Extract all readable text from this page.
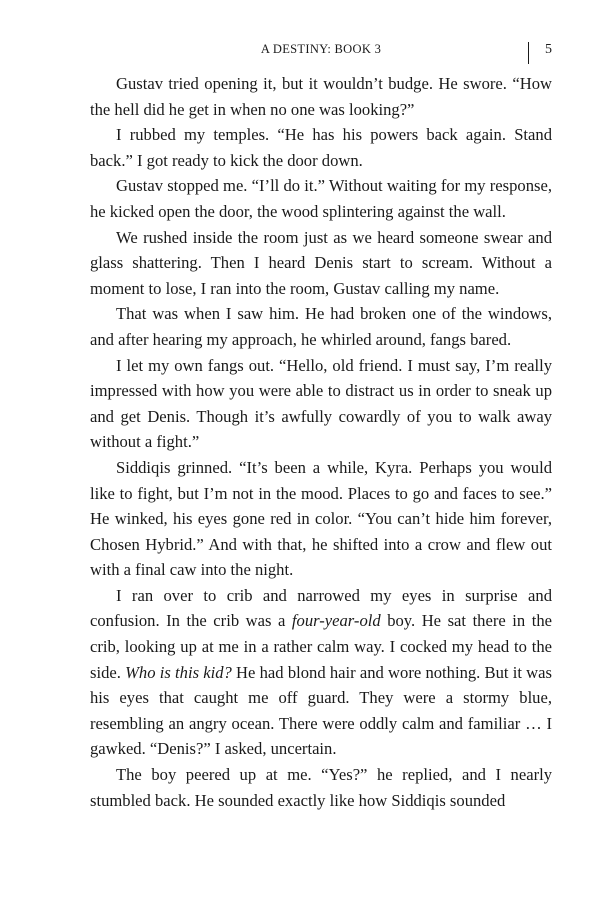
A DESTINY: BOOK 3	5

Gustav tried opening it, but it wouldn’t budge. He swore. “How the hell did he get in when no one was looking?”

I rubbed my temples. “He has his powers back again. Stand back.” I got ready to kick the door down.

Gustav stopped me. “I’ll do it.” Without waiting for my response, he kicked open the door, the wood splintering against the wall.

We rushed inside the room just as we heard someone swear and glass shattering. Then I heard Denis start to scream. Without a moment to lose, I ran into the room, Gustav calling my name.

That was when I saw him. He had broken one of the windows, and after hearing my approach, he whirled around, fangs bared.

I let my own fangs out. “Hello, old friend. I must say, I’m really impressed with how you were able to distract us in order to sneak up and get Denis. Though it’s awfully cowardly of you to walk away without a fight.”

Siddiqis grinned. “It’s been a while, Kyra. Perhaps you would like to fight, but I’m not in the mood. Places to go and faces to see.” He winked, his eyes gone red in color. “You can’t hide him forever, Chosen Hybrid.” And with that, he shifted into a crow and flew out with a final caw into the night.

I ran over to crib and narrowed my eyes in surprise and confusion. In the crib was a four-year-old boy. He sat there in the crib, looking up at me in a rather calm way. I cocked my head to the side. Who is this kid? He had blond hair and wore nothing. But it was his eyes that caught me off guard. They were a stormy blue, resembling an angry ocean. There were oddly calm and familiar … I gawked. “Denis?” I asked, uncertain.

The boy peered up at me. “Yes?” he replied, and I nearly stumbled back. He sounded exactly like how Siddiqis sounded
